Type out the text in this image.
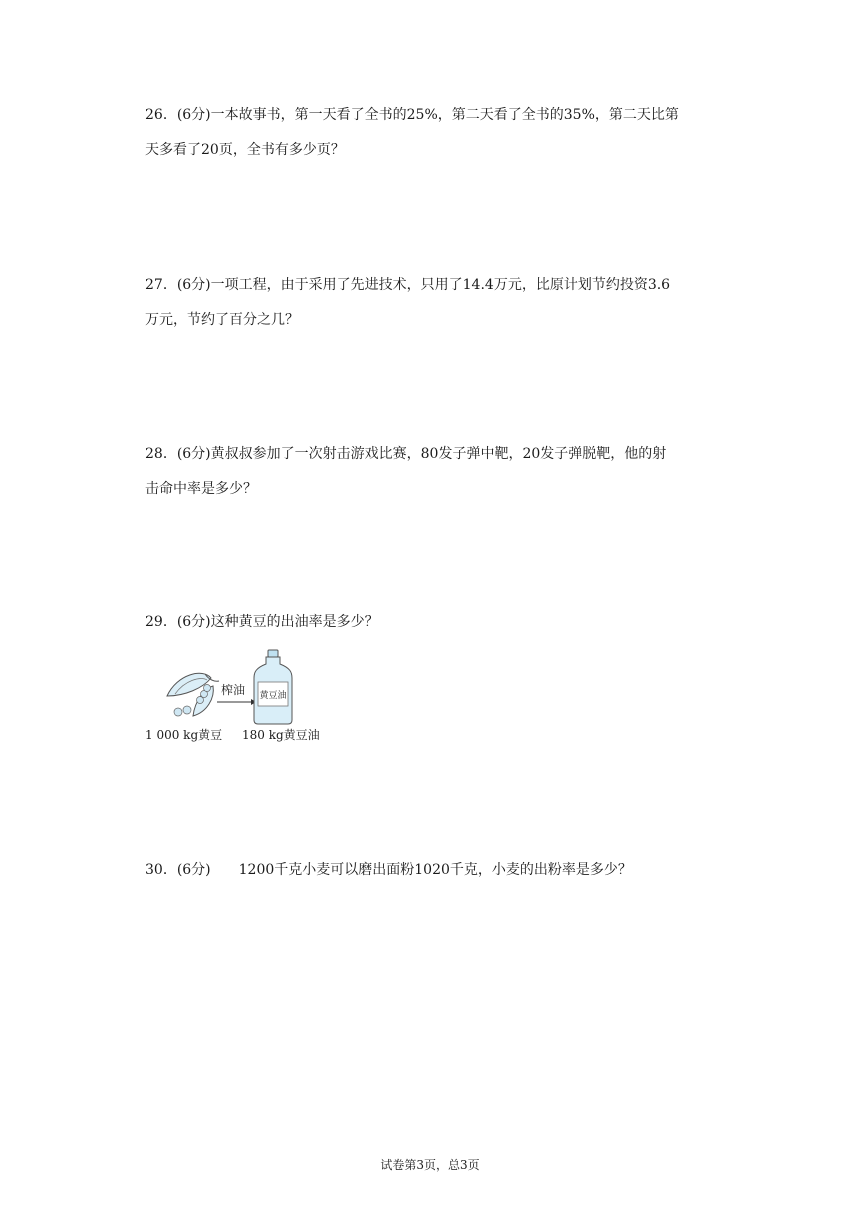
26．(6分)一本故事书，第一天看了全书的25%，第二天看了全书的35%，第二天比第

天多看了20页，全书有多少页？

27．(6分)一项工程，由于采用了先进技术，只用了14.4万元，比原计划节约投资3.6

万元，节约了百分之几？

28．(6分)黄叔叔参加了一次射击游戏比赛，80发子弹中靶，20发子弹脱靶，他的射

击命中率是多少？

29．(6分)这种黄豆的出油率是多少？

榨油 黄豆油
1 000 kg黄豆 180 kg黄豆油

30．(6分)　　1200千克小麦可以磨出面粉1020千克，小麦的出粉率是多少？

试卷第3页，总3页
